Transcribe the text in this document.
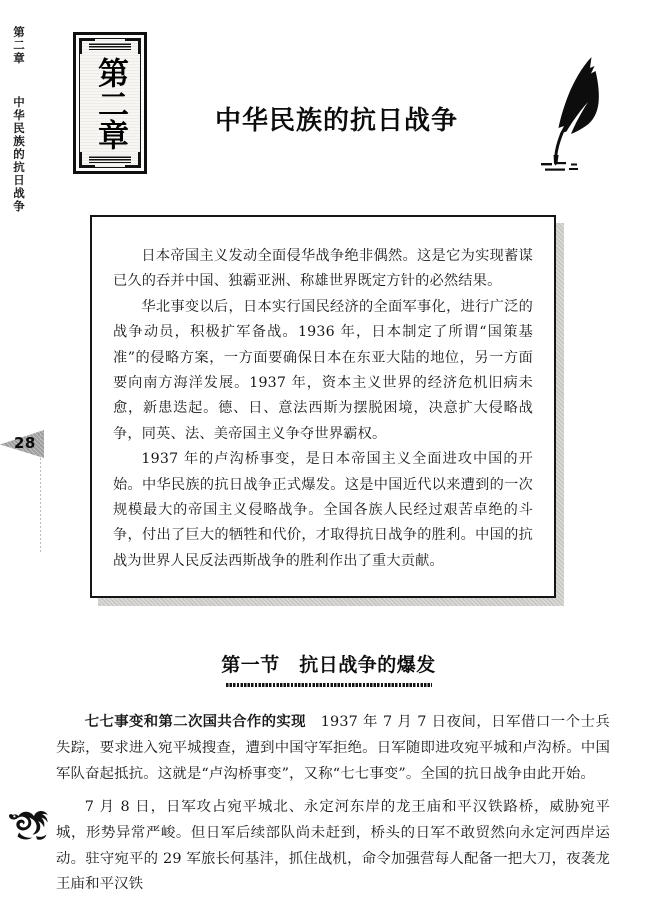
第二章  中华民族的抗日战争 第二章	中华民族的抗日战争
28

日本帝国主义发动全面侵华战争绝非偶然。这是它为实现蓄谋已久的吞并中国、独霸亚洲、称雄世界既定方针的必然结果。

华北事变以后，日本实行国民经济的全面军事化，进行广泛的战争动员，积极扩军备战。1936 年，日本制定了所谓“国策基准”的侵略方案，一方面要确保日本在东亚大陆的地位，另一方面要向南方海洋发展。1937 年，资本主义世界的经济危机旧病未愈，新患迭起。德、日、意法西斯为摆脱困境，决意扩大侵略战争，同英、法、美帝国主义争夺世界霸权。

1937 年的卢沟桥事变，是日本帝国主义全面进攻中国的开始。中华民族的抗日战争正式爆发。这是中国近代以来遭到的一次规模最大的帝国主义侵略战争。全国各族人民经过艰苦卓绝的斗争，付出了巨大的牺牲和代价，才取得抗日战争的胜利。中国的抗战为世界人民反法西斯战争的胜利作出了重大贡献。

第一节　抗日战争的爆发

七七事变和第二次国共合作的实现　1937 年 7 月 7 日夜间，日军借口一个士兵失踪，要求进入宛平城搜查，遭到中国守军拒绝。日军随即进攻宛平城和卢沟桥。中国军队奋起抵抗。这就是“卢沟桥事变”，又称“七七事变”。全国的抗日战争由此开始。

7 月 8 日，日军攻占宛平城北、永定河东岸的龙王庙和平汉铁路桥，威胁宛平城，形势异常严峻。但日军后续部队尚未赶到，桥头的日军不敢贸然向永定河西岸运动。驻守宛平的 29 军旅长何基沣，抓住战机，命令加强营每人配备一把大刀，夜袭龙王庙和平汉铁
